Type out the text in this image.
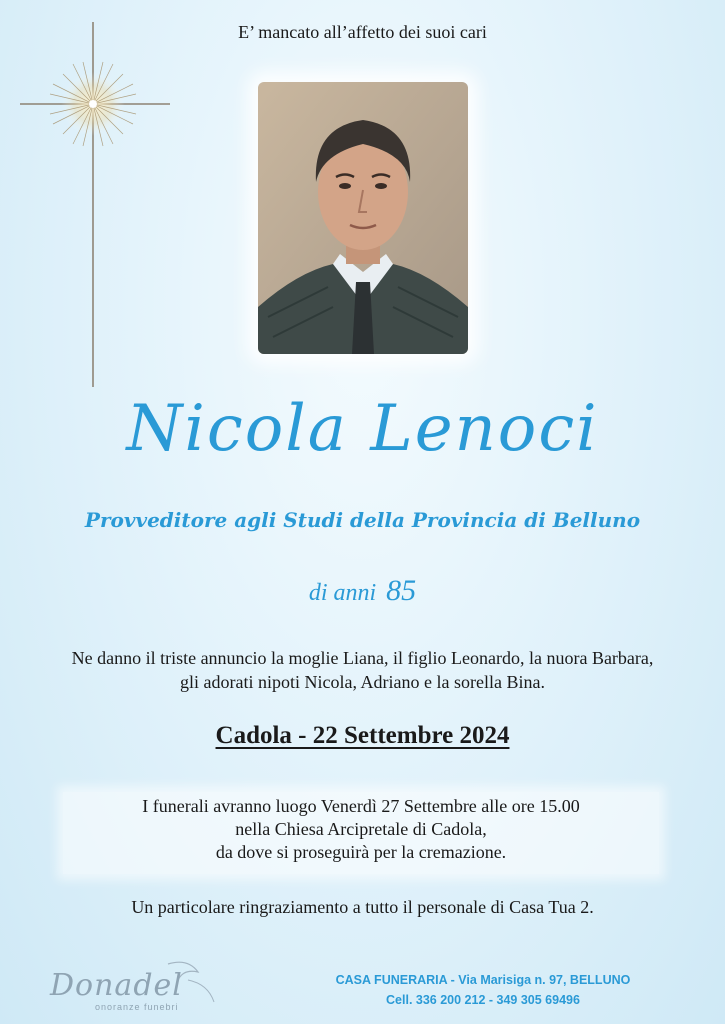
E’ mancato all’affetto dei suoi cari
Nicola Lenoci
Provveditore agli Studi della Provincia di Belluno
di anni 85
Ne danno il triste annuncio la moglie Liana, il figlio Leonardo, la nuora Barbara,
gli adorati nipoti Nicola, Adriano e la sorella Bina.
Cadola - 22 Settembre 2024
I funerali avranno luogo Venerdì 27 Settembre alle ore 15.00
nella Chiesa Arcipretale di Cadola,
da dove si proseguirà per la cremazione.
Un particolare ringraziamento a tutto il personale di Casa Tua 2.
Donadel
onoranze funebri
CASA FUNERARIA - Via Marisiga n. 97, BELLUNO
Cell. 336 200 212 - 349 305 69496
